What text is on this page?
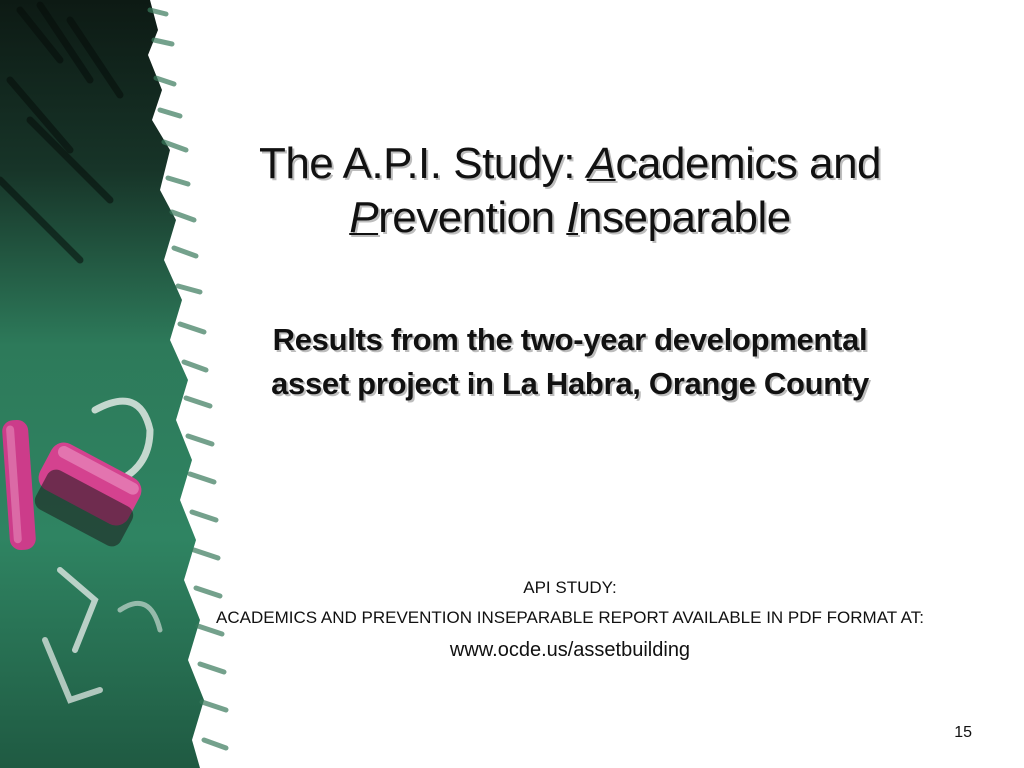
The A.P.I. Study: Academics and
Prevention Inseparable
Results from the two-year developmental
asset project in La Habra, Orange County

API STUDY:

ACADEMICS AND PREVENTION INSEPARABLE REPORT AVAILABLE IN PDF FORMAT AT:

www.ocde.us/assetbuilding
15
